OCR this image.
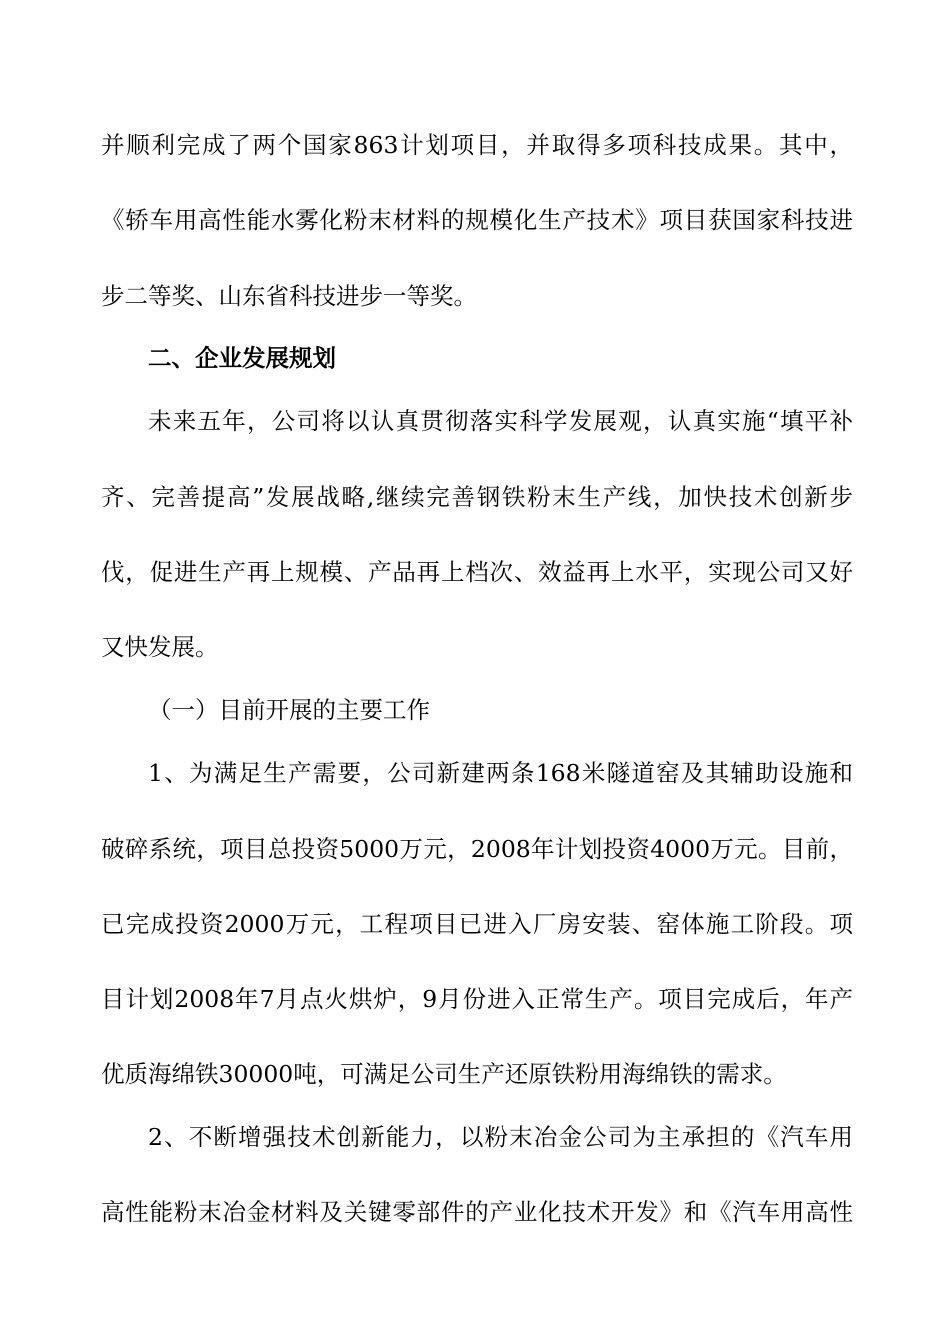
并顺利完成了两个国家863计划项目，并取得多项科技成果。其中，
《轿车用高性能水雾化粉末材料的规模化生产技术》项目获国家科技进
步二等奖、山东省科技进步一等奖。
二、企业发展规划
未来五年，公司将以认真贯彻落实科学发展观，认真实施“填平补
齐、完善提高”发展战略,继续完善钢铁粉末生产线，加快技术创新步
伐，促进生产再上规模、产品再上档次、效益再上水平，实现公司又好
又快发展。
（一）目前开展的主要工作
1、为满足生产需要，公司新建两条168米隧道窑及其辅助设施和
破碎系统，项目总投资5000万元，2008年计划投资4000万元。目前，
已完成投资2000万元，工程项目已进入厂房安装、窑体施工阶段。项
目计划2008年7月点火烘炉，9月份进入正常生产。项目完成后，年产
优质海绵铁30000吨，可满足公司生产还原铁粉用海绵铁的需求。
2、不断增强技术创新能力，以粉末冶金公司为主承担的《汽车用
高性能粉末冶金材料及关键零部件的产业化技术开发》和《汽车用高性
